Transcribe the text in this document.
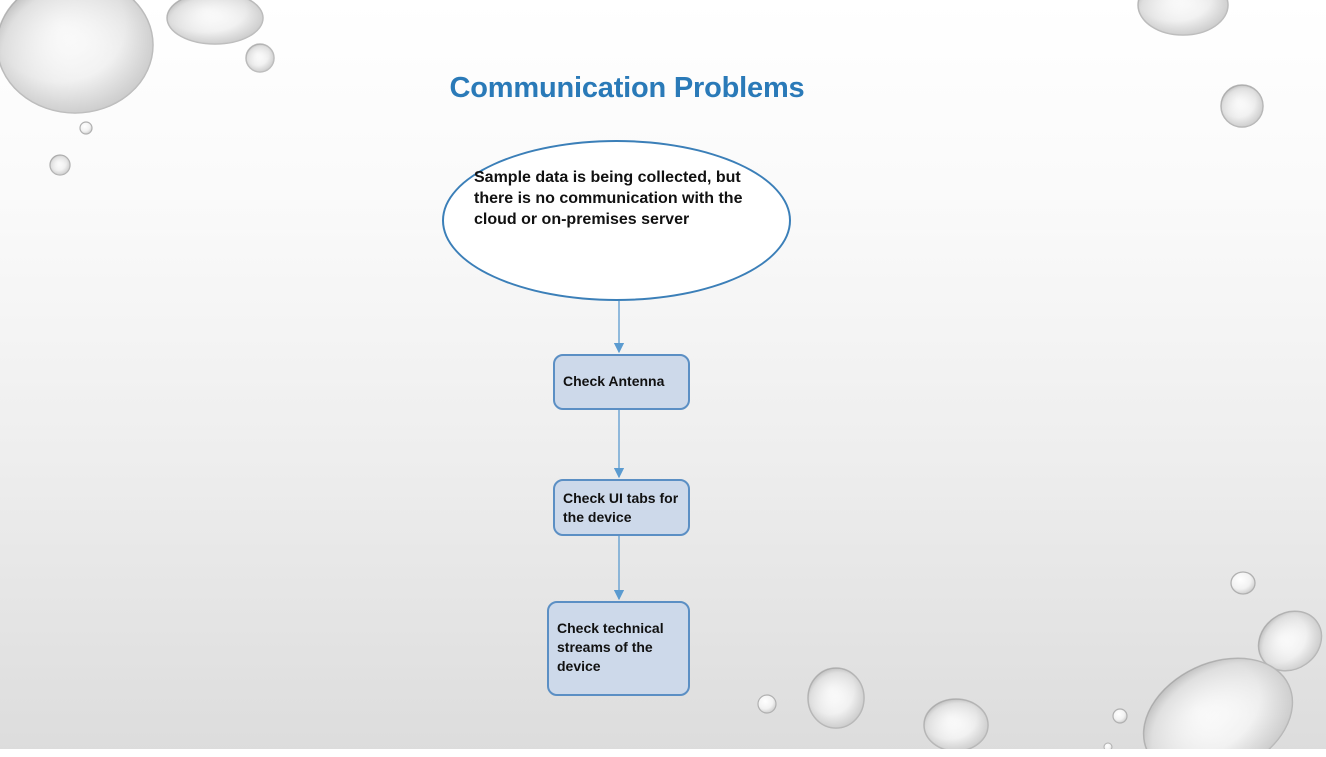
Communication Problems
Sample data is being collected, but there is no communication with the cloud or on-premises server
Check Antenna
Check UI tabs for the device
Check technical streams of the device
